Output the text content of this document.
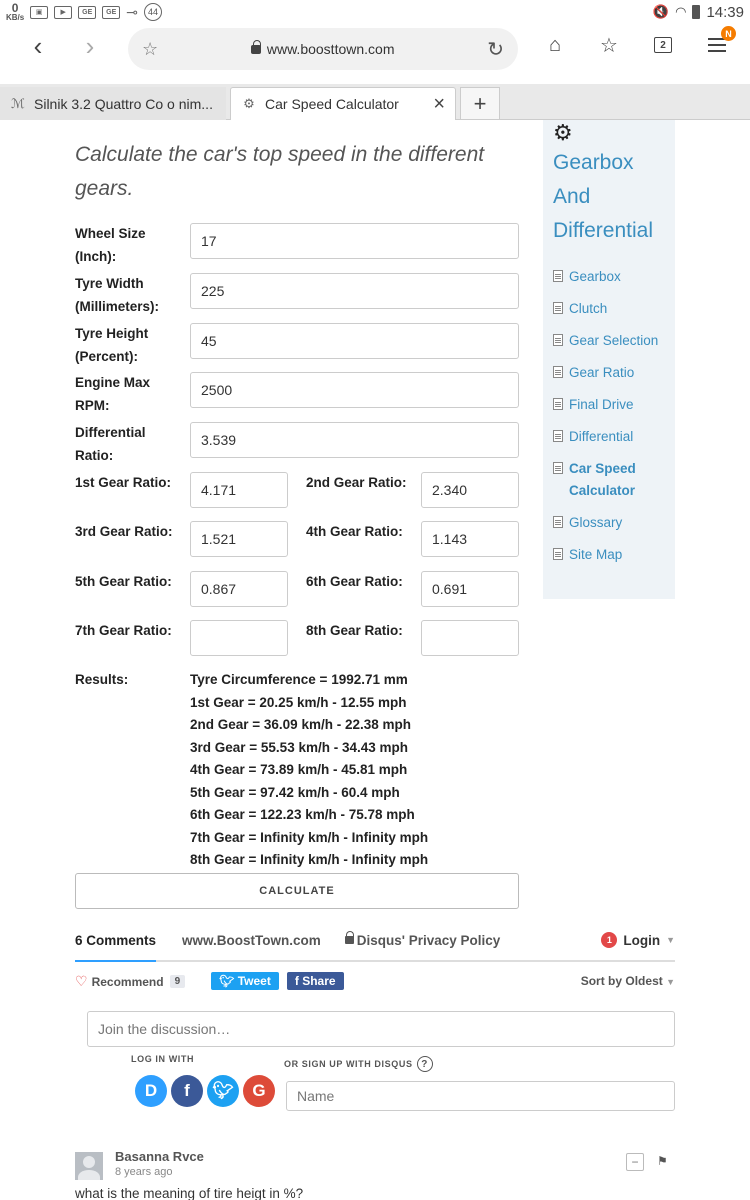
0
KB/s
▣	▶	GE	GE ⊸	44	🔇 ◠ 14:39
‹ ›	☆	www.boosttown.com	↻ ⌂ ☆	2
N
ℳ Silnik 3.2 Quattro Co o nim... ⚙ Car Speed Calculator	× +
Calculate the car's top speed in the different gears.
Wheel Size
(Inch):
17
Tyre Width
(Millimeters):
225
Tyre Height
(Percent):
45
Engine Max
RPM:
2500
Differential
Ratio:
3.539
1st Gear Ratio:	4.171	2nd Gear Ratio:	2.340
3rd Gear Ratio:	1.521	4th Gear Ratio:	1.143
5th Gear Ratio:	0.867	6th Gear Ratio:	0.691
7th Gear Ratio:	8th Gear Ratio:
Results:	Tyre Circumference = 1992.71 mm
1st Gear = 20.25 km/h - 12.55 mph
2nd Gear = 36.09 km/h - 22.38 mph
3rd Gear = 55.53 km/h - 34.43 mph
4th Gear = 73.89 km/h - 45.81 mph
5th Gear = 97.42 km/h - 60.4 mph
6th Gear = 122.23 km/h - 75.78 mph
7th Gear = Infinity km/h - Infinity mph
8th Gear = Infinity km/h - Infinity mph
CALCULATE
⚙
Gearbox And Differential
Gearbox
Clutch
Gear Selection
Gear Ratio
Final Drive
Differential
Car Speed Calculator
Glossary
Site Map
6 Comments www.BoostTown.com	Disqus' Privacy Policy	1 Login ▼
♡ Recommend	9	🐦︎ Tweet	f Share	Sort by Oldest ▼
Join the discussion…
LOG IN WITH	OR SIGN UP WITH DISQUS ?
D	f	🐦︎	G	Name
Basanna Rvce
8 years ago
−	⚑
what is the meaning of tire heigt in %?
